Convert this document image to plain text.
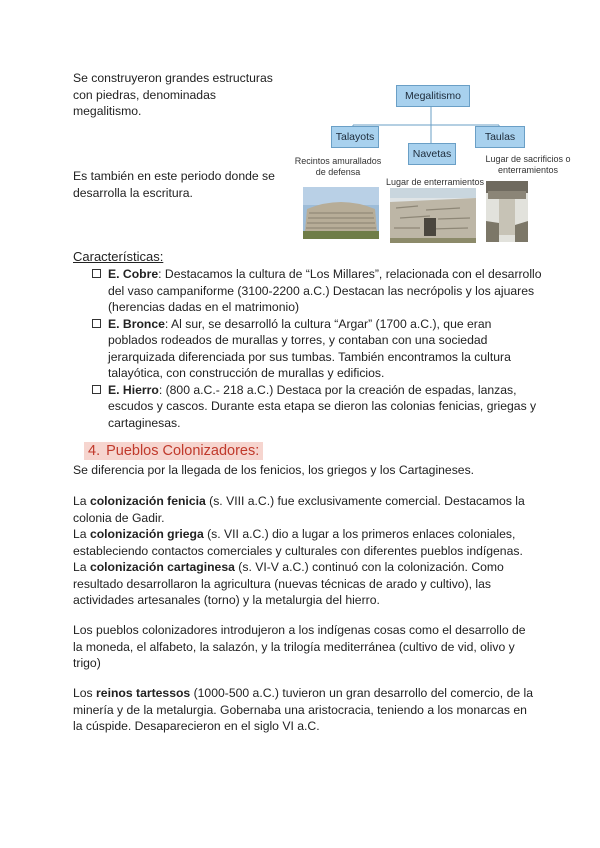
Se construyeron grandes estructuras con piedras, denominadas megalitismo.

Es también en este periodo donde se desarrolla la escritura.

Megalitismo
Talayots
Navetas
Taulas
Recintos amurallados de defensa
Lugar de enterramientos
Lugar de sacrificios o enterramientos

Características:

E. Cobre: Destacamos la cultura de “Los Millares”, relacionada con el desarrollo del vaso campaniforme (3100-2200 a.C.) Destacan las necrópolis y los ajuares (herencias dadas en el matrimonio)
E. Bronce: Al sur, se desarrolló la cultura “Argar” (1700 a.C.), que eran poblados rodeados de murallas y torres, y contaban con una sociedad jerarquizada diferenciada por sus tumbas. También encontramos la cultura talayótica, con construcción de murallas y edificios.
E. Hierro: (800 a.C.- 218 a.C.) Destaca por la creación de espadas, lanzas, escudos y cascos. Durante esta etapa se dieron las colonias fenicias, griegas y cartaginesas.
4. Pueblos Colonizadores:

Se diferencia por la llegada de los fenicios, los griegos y los Cartagineses.

La colonización fenicia (s. VIII a.C.) fue exclusivamente comercial. Destacamos la colonia de Gadir.

La colonización griega (s. VII a.C.) dio a lugar a los primeros enlaces coloniales, estableciendo contactos comerciales y culturales con diferentes pueblos indígenas.

La colonización cartaginesa (s. VI-V a.C.) continuó con la colonización. Como resultado desarrollaron la agricultura (nuevas técnicas de arado y cultivo), las actividades artesanales (torno) y la metalurgia del hierro.

Los pueblos colonizadores introdujeron a los indígenas cosas como el desarrollo de la moneda, el alfabeto, la salazón, y la trilogía mediterránea (cultivo de vid, olivo y trigo)

Los reinos tartessos (1000-500 a.C.) tuvieron un gran desarrollo del comercio, de la minería y de la metalurgia. Gobernaba una aristocracia, teniendo a los monarcas en la cúspide. Desaparecieron en el siglo VI a.C.
